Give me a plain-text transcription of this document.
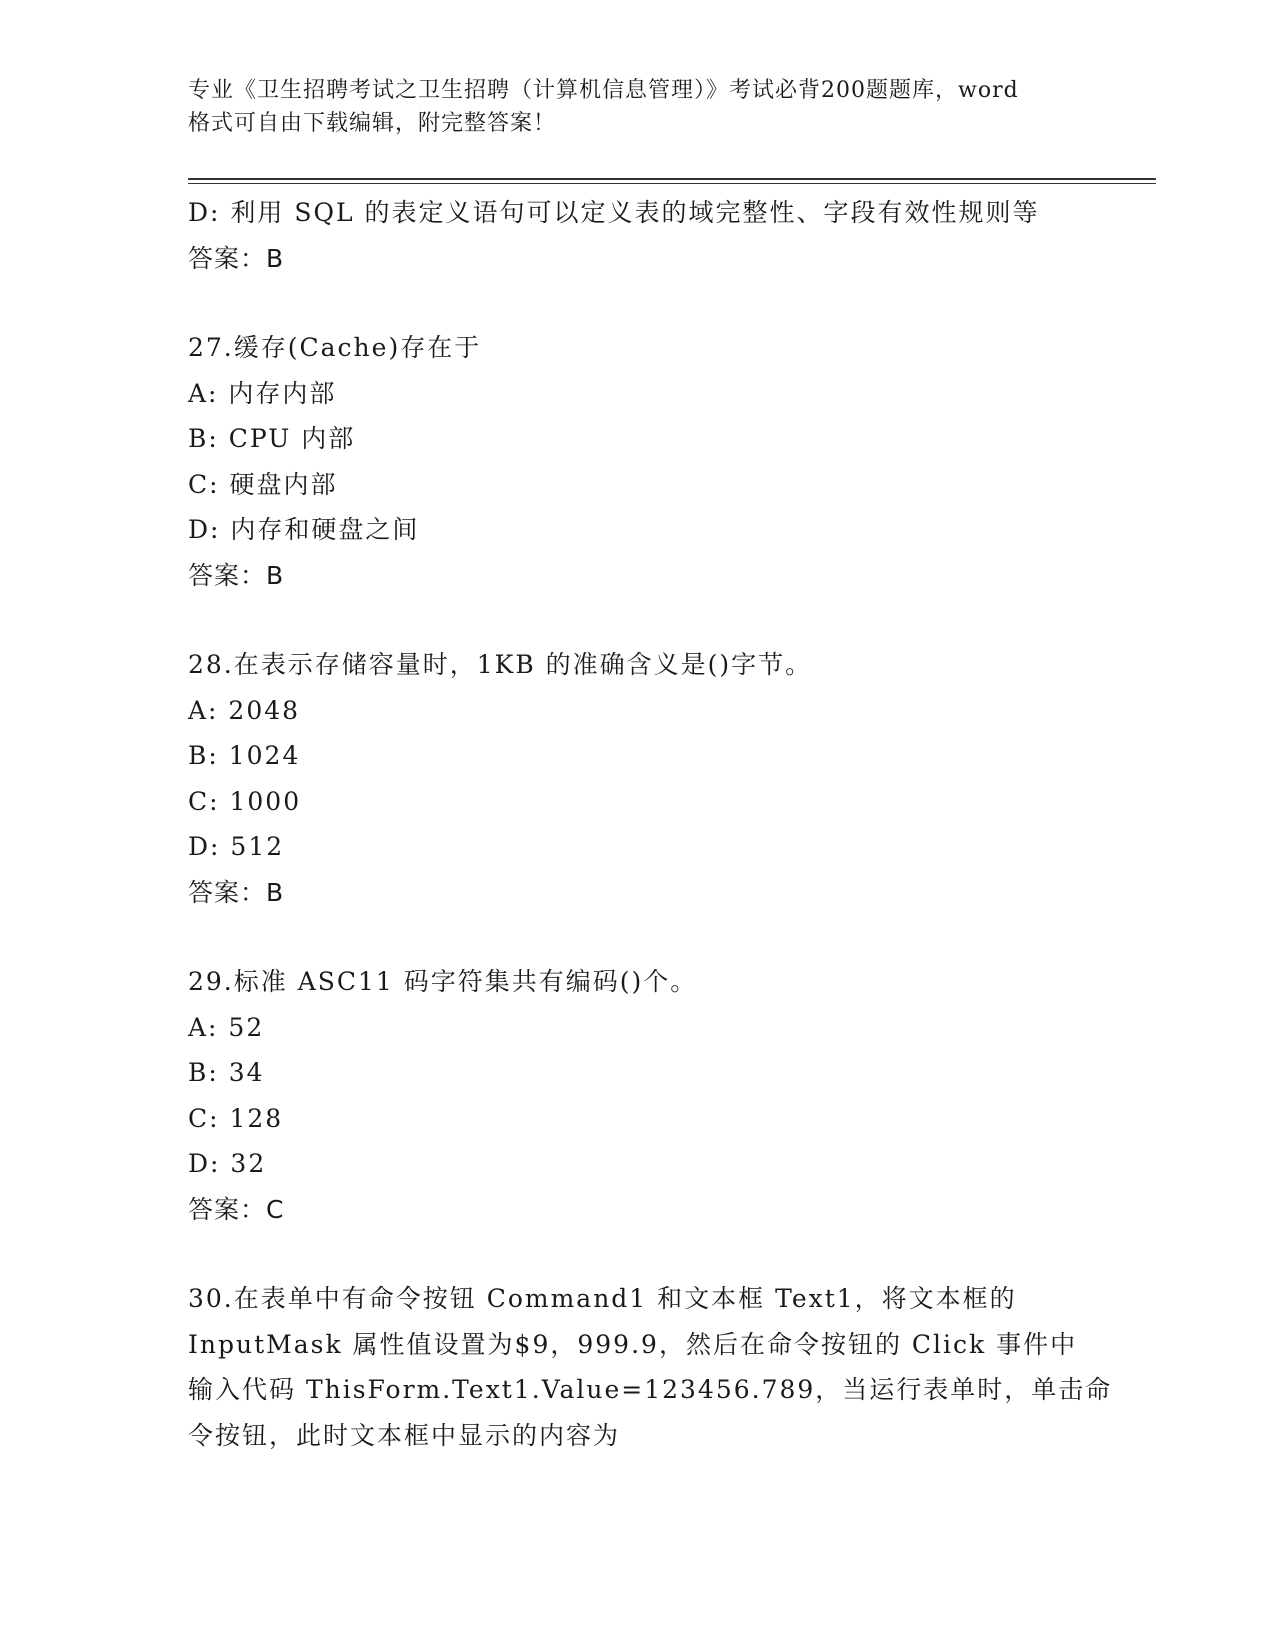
专业《卫生招聘考试之卫生招聘（计算机信息管理）》考试必背200题题库，word
格式可自由下载编辑，附完整答案！
D: 利用 SQL 的表定义语句可以定义表的域完整性、字段有效性规则等
答案：B
27.缓存(Cache)存在于
A: 内存内部
B: CPU 内部
C: 硬盘内部
D: 内存和硬盘之间
答案：B
28.在表示存储容量时，1KB 的准确含义是()字节。
A: 2048
B: 1024
C: 1000
D: 512
答案：B
29.标准 ASC11 码字符集共有编码()个。
A: 52
B: 34
C: 128
D: 32
答案：C
30.在表单中有命令按钮 Command1 和文本框 Text1，将文本框的
InputMask 属性值设置为$9，999.9，然后在命令按钮的 Click 事件中
输入代码 ThisForm.Text1.Value=123456.789，当运行表单时，单击命
令按钮，此时文本框中显示的内容为
